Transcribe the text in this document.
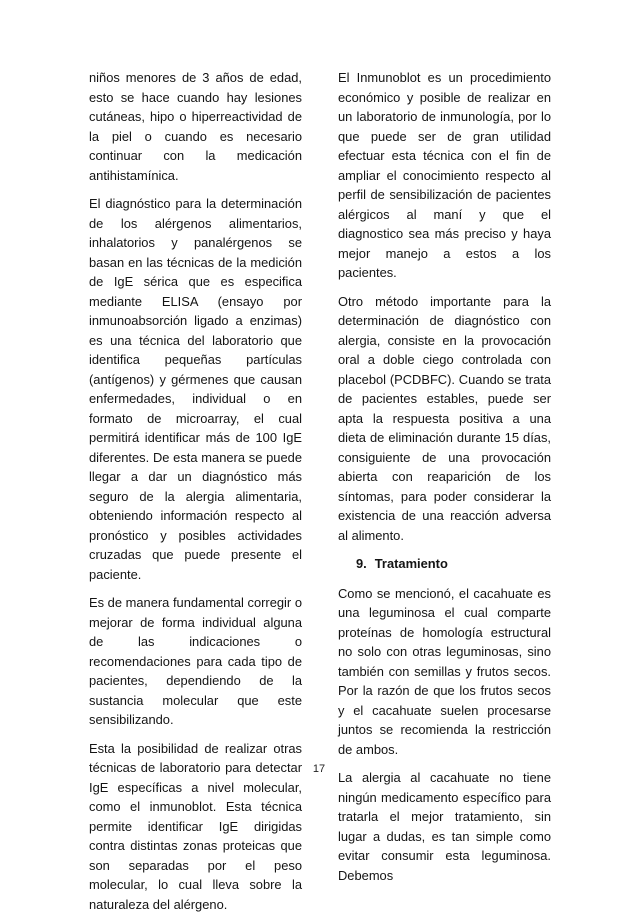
niños menores de 3 años de edad, esto se hace cuando hay lesiones cutáneas, hipo o hiperreactividad de la piel o cuando es necesario continuar con la medicación antihistamínica.

El diagnóstico para la determinación de los alérgenos alimentarios, inhalatorios y panalérgenos se basan en las técnicas de la medición de IgE sérica que es especifica mediante ELISA (ensayo por inmunoabsorción ligado a enzimas) es una técnica del laboratorio que identifica pequeñas partículas (antígenos) y gérmenes que causan enfermedades, individual o en formato de microarray, el cual permitirá identificar más de 100 IgE diferentes. De esta manera se puede llegar a dar un diagnóstico más seguro de la alergia alimentaria, obteniendo información respecto al pronóstico y posibles actividades cruzadas que puede presente el paciente.

Es de manera fundamental corregir o mejorar de forma individual alguna de las indicaciones o recomendaciones para cada tipo de pacientes, dependiendo de la sustancia molecular que este sensibilizando.

Esta la posibilidad de realizar otras técnicas de laboratorio para detectar IgE específicas a nivel molecular, como el inmunoblot. Esta técnica permite identificar IgE dirigidas contra distintas zonas proteicas que son separadas por el peso molecular, lo cual lleva sobre la naturaleza del alérgeno.

El Inmunoblot es un procedimiento económico y posible de realizar en un laboratorio de inmunología, por lo que puede ser de gran utilidad efectuar esta técnica con el fin de ampliar el conocimiento respecto al perfil de sensibilización de pacientes alérgicos al maní y que el diagnostico sea más preciso y haya mejor manejo a estos a los pacientes.

Otro método importante para la determinación de diagnóstico con alergia, consiste en la provocación oral a doble ciego controlada con placebol (PCDBFC). Cuando se trata de pacientes estables, puede ser apta la respuesta positiva a una dieta de eliminación durante 15 días, consiguiente de una provocación abierta con reaparición de los síntomas, para poder considerar la existencia de una reacción adversa al alimento.

9. Tratamiento

Como se mencionó, el cacahuate es una leguminosa el cual comparte proteínas de homología estructural no solo con otras leguminosas, sino también con semillas y frutos secos. Por la razón de que los frutos secos y el cacahuate suelen procesarse juntos se recomienda la restricción de ambos.

La alergia al cacahuate no tiene ningún medicamento específico para tratarla el mejor tratamiento, sin lugar a dudas, es tan simple como evitar consumir esta leguminosa. Debemos

17
